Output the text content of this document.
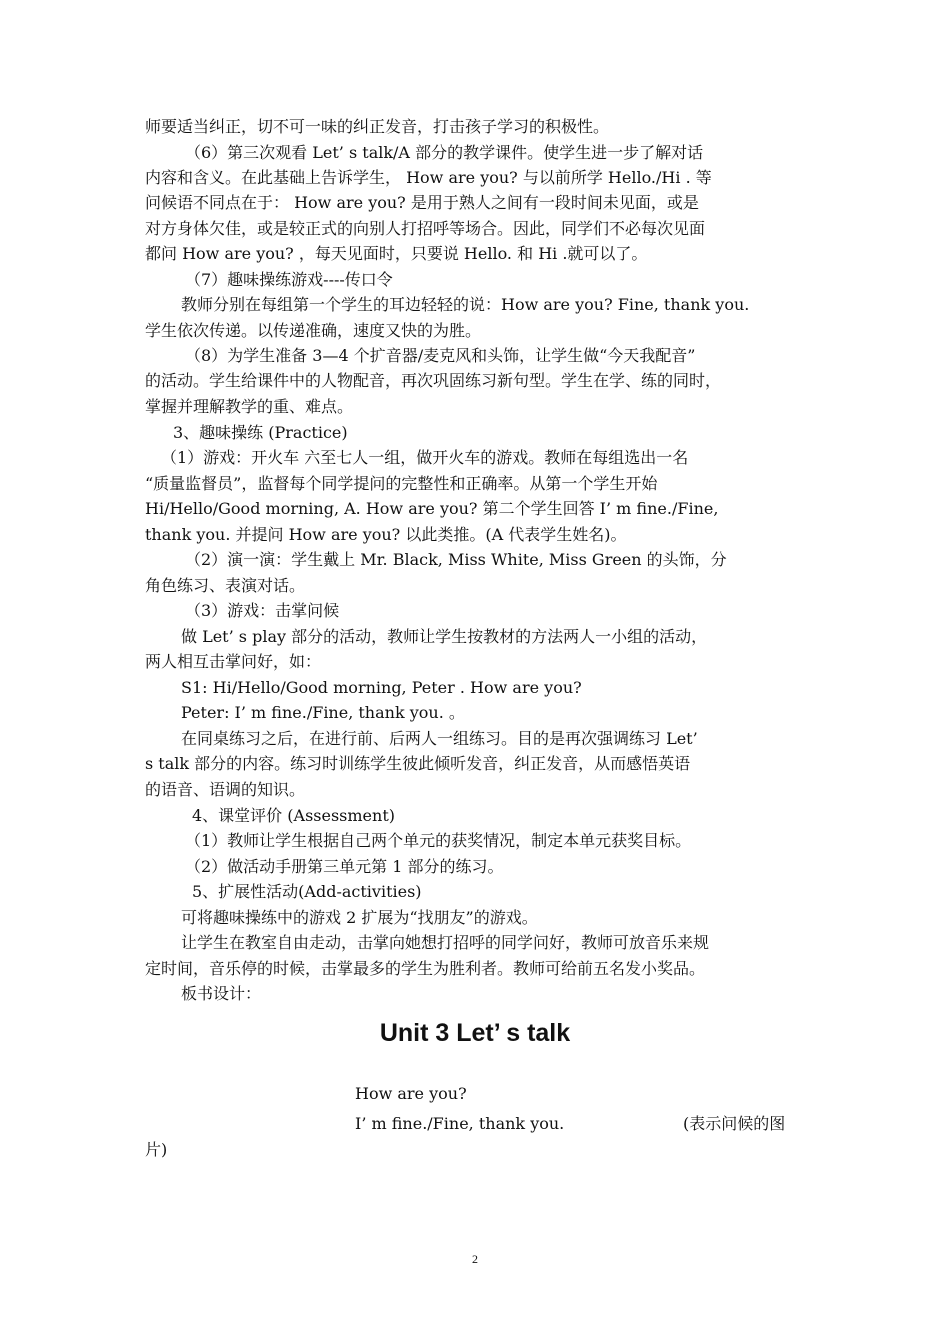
师要适当纠正，切不可一味的纠正发音，打击孩子学习的积极性。
（6）第三次观看 Let’ s talk/A 部分的教学课件。使学生进一步了解对话
内容和含义。在此基础上告诉学生， How are you? 与以前所学 Hello./Hi . 等
问候语不同点在于： How are you? 是用于熟人之间有一段时间未见面，或是
对方身体欠佳，或是较正式的向别人打招呼等场合。因此，同学们不必每次见面
都问 How are you? ，每天见面时，只要说 Hello. 和 Hi .就可以了。
（7）趣味操练游戏----传口令
教师分别在每组第一个学生的耳边轻轻的说：How are you? Fine, thank you.
学生依次传递。以传递准确，速度又快的为胜。
（8）为学生准备 3—4 个扩音器/麦克风和头饰，让学生做“今天我配音”
的活动。学生给课件中的人物配音，再次巩固练习新句型。学生在学、练的同时，
掌握并理解教学的重、难点。
3、趣味操练 (Practice)
（1）游戏：开火车 六至七人一组，做开火车的游戏。教师在每组选出一名
“质量监督员”，监督每个同学提问的完整性和正确率。从第一个学生开始
Hi/Hello/Good morning, A. How are you? 第二个学生回答 I’ m fine./Fine,
thank you. 并提问 How are you? 以此类推。(A 代表学生姓名)。
（2）演一演：学生戴上 Mr. Black, Miss White, Miss Green 的头饰，分
角色练习、表演对话。
（3）游戏：击掌问候
做 Let’ s play 部分的活动，教师让学生按教材的方法两人一小组的活动，
两人相互击掌问好，如：
S1: Hi/Hello/Good morning, Peter . How are you?
Peter: I’ m fine./Fine, thank you. 。
在同桌练习之后，在进行前、后两人一组练习。目的是再次强调练习 Let’
s talk 部分的内容。练习时训练学生彼此倾听发音，纠正发音，从而感悟英语
的语音、语调的知识。
4、课堂评价 (Assessment)
（1）教师让学生根据自己两个单元的获奖情况，制定本单元获奖目标。
（2）做活动手册第三单元第 1 部分的练习。
5、扩展性活动(Add-activities)
可将趣味操练中的游戏 2 扩展为“找朋友”的游戏。
让学生在教室自由走动，击掌向她想打招呼的同学问好，教师可放音乐来规
定时间，音乐停的时候，击掌最多的学生为胜利者。教师可给前五名发小奖品。
板书设计：
Unit 3 Let’ s talk
How are you?
I’ m fine./Fine, thank you.	(表示问候的图
片)
2
